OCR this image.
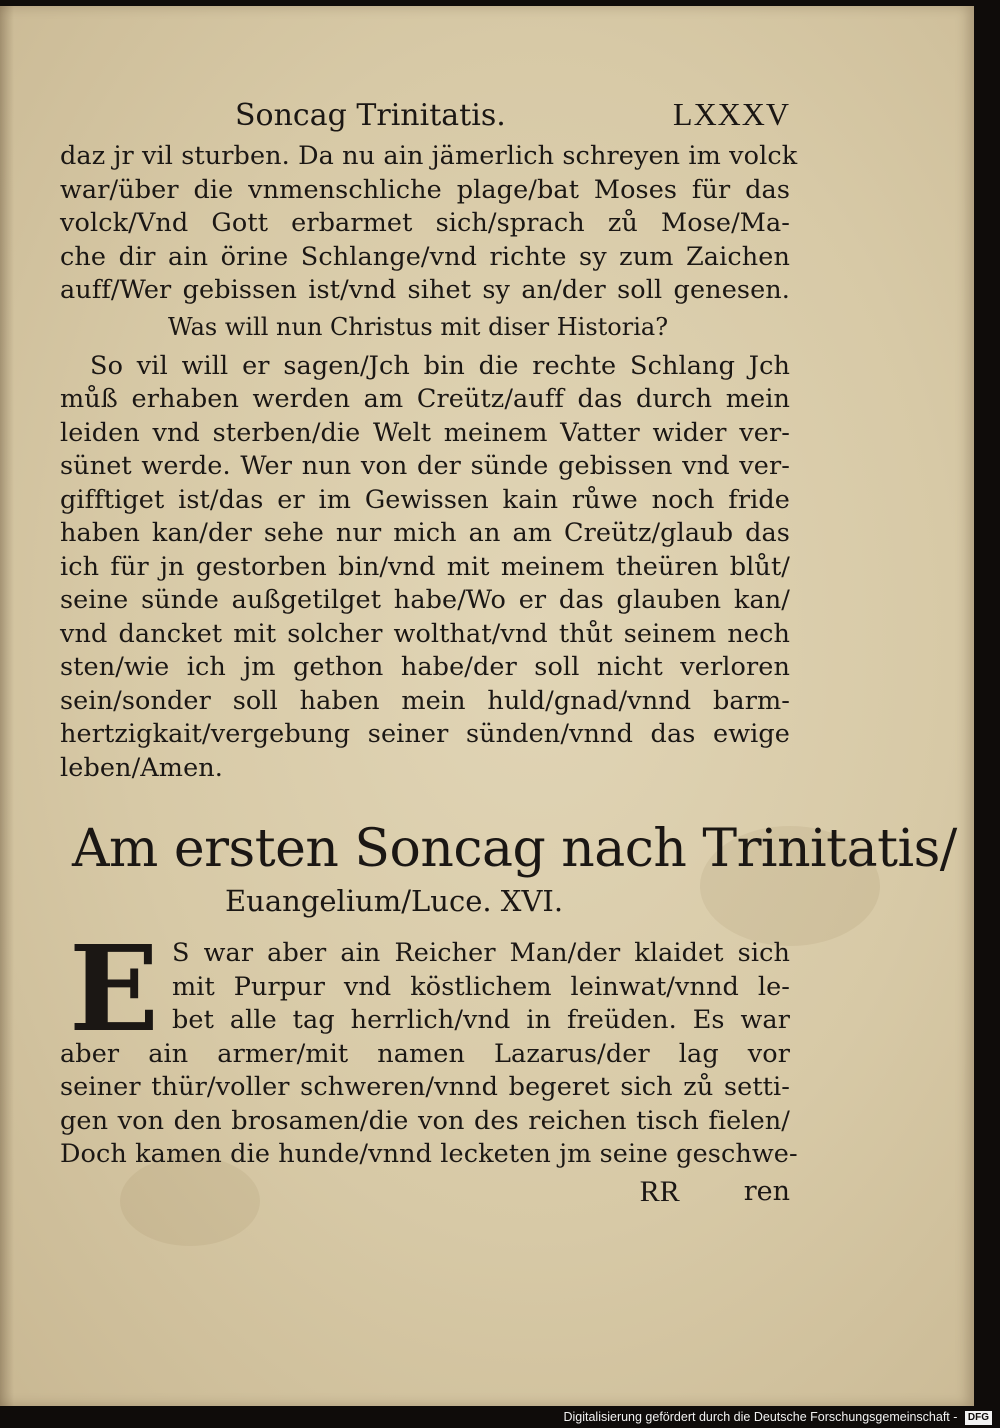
Soncag Trinitatis.	LXXXV
daz jr vil sturben. Da nu ain jämerlich schreyen im volck
war/über die vnmenschliche plage/bat Moses für das
volck/Vnd Gott erbarmet sich/sprach zů Mose/Ma-
che dir ain örine Schlange/vnd richte sy zum Zaichen
auff/Wer gebissen ist/vnd sihet sy an/der soll genesen.
Was will nun Christus mit diser Historia?
So vil will er sagen/Jch bin die rechte Schlang Jch
můß erhaben werden am Creütz/auff das durch mein
leiden vnd sterben/die Welt meinem Vatter wider ver-
sünet werde. Wer nun von der sünde gebissen vnd ver-
gifftiget ist/das er im Gewissen kain růwe noch fride
haben kan/der sehe nur mich an am Creütz/glaub das
ich für jn gestorben bin/vnd mit meinem theüren blůt/
seine sünde außgetilget habe/Wo er das glauben kan/
vnd dancket mit solcher wolthat/vnd thůt seinem nech
sten/wie ich jm gethon habe/der soll nicht verloren
sein/sonder soll haben mein huld/gnad/vnnd barm-
hertzigkait/vergebung seiner sünden/vnnd das ewige
leben/Amen.
Am ersten Soncag nach Trinitatis/
Euangelium/Luce. XVI.
E S war aber ain Reicher Man/der klaidet sich
mit Purpur vnd köstlichem leinwat/vnnd le-
bet alle tag herrlich/vnd in freüden. Es war
aber ain armer/mit namen Lazarus/der lag vor
seiner thür/voller schweren/vnnd begeret sich zů setti-
gen von den brosamen/die von des reichen tisch fielen/
Doch kamen die hunde/vnnd lecketen jm seine geschwe-
RR ren
Digitalisierung gefördert durch die Deutsche Forschungsgemeinschaft - DFG
